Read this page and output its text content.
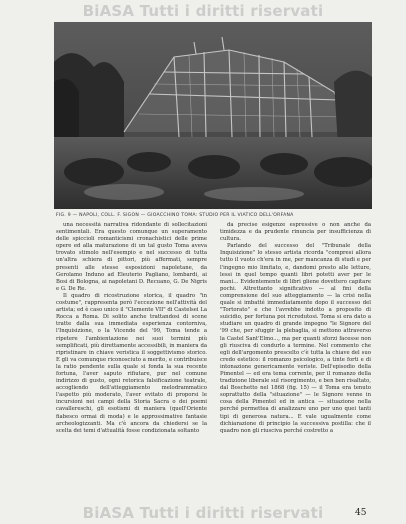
BiASA Tutti i diritti riservati
FIG. 9 — NAPOLI, COLL. F. SIGON — GIOACCHINO TOMA: STUDIO PER IL VIATICO DELL'ORFANA

una necessità narrativa ridondante di sollecitazioni sentimentali. Era questo comunque un superamento delle spiccioli romanticismi cronachistici delle prime opere ed alla maturazione di un tal gusto Toma aveva trovato stimolo nell'esempio e nel successo di tutta un'altra schiera di pittori, più affermati, sempre presenti alle stesse esposizioni napoletane, da Gerolamo Induno ad Eleuterio Pagliano, lombardi, ai Bosi di Bologna, ai napoletani D. Recuano, G. De Nigris e G. De Re.

Il quadro di ricostruzione storica, il quadro "in costume", rappresenta però l'eccezione nell'attività del artista; ed è caso unico il "Clemente VII" di Castelsei La Rocca a Roma. Di solito anche trattandosi di scene tratte dalla sua immediata esperienza contorniva, l'Inquisizione, o la Vicende del '99, Toma tende a ripetere l'ambientazione nei suoi termini più semplificati, più direttamente accessibili, in maniera da ripristinare in chiave veristica il soggettivismo storico. E gli va comunque riconosciuto a merito, e contribuisce la ratio pendente sulla quale si fonda la sua recente fortuna, l'aver saputo rifiutare, pur nel comune indirizzo di gusto, ogni retorica falsificazione teatrale, accogliendo dell'atteggiamento melodrammatico l'aspetto più moderato, l'aver evitato di proporsi le incursioni nei campi della Storia Sacra o dei poemi cavallereschi, gli esotismi di maniera (quell'Oriente fiabesco ormai di moda) e le approssimative fantasie archeologizzanti. Ma c'è ancora da chiedersi se la scelta dei temi d'attualità fosse condizionata soltanto

da precise esigenze espressive o non anche da timidezza e da prudente rinuncia per insufficienza di cultura.

Parlando del successo del "Tribunale della Inquisizione" lo stesso artista ricorda "compresi allora tutto il vuoto ch'era in me, per mancanza di studi e per l'ingegno mio limitato, e, dandomi presto alle letture, lessi in quel tempo quanti libri potetti aver per le mani... Evidentemente di libri gliene dovettero capitare pochi. Altrettanto significativo — al fini della comprensione del suo atteggiamento — la crisi nella quale si imbatté immediatamente dopo il successo del "Tortorato" e che l'avrebbe indotto a proposito di suicidio, per fortuna poi ricredutosi. Toma si era dato a studiare un quadro di grande impegno "le Signore del '99 che, per sfuggir la plebaglia, si mettono attraverso la Castel Sant'Elmo..., ma per quanti sforzi facesse non gli riusciva di condurlo a termine. Nel commento che egli dell'argomento prescelto c'è tutta la chiave del suo credo estetico: il romanzo psicologico, a tinte forti e di intonazione genericamente veriste. Dell'episodio della Pimentel — ed era tema corrente, per il romanzo della tradizione liberale sul risorgimento, e ben ben risaltato, dal Boschetto nel 1868 (fig. 15) — il Toma era tenuto soprattutto della "situazione" — le Signore venne in cosa della Pimentel ed in antica — situazione nella perché permettea di analizzare uno per uno quei tanti tipi di generosa natura... E vale ugualmente come dichiarazione di principio la successiva postilla: che il quadro non gli riusciva perché costretto a

45
BiASA Tutti i diritti riservati
